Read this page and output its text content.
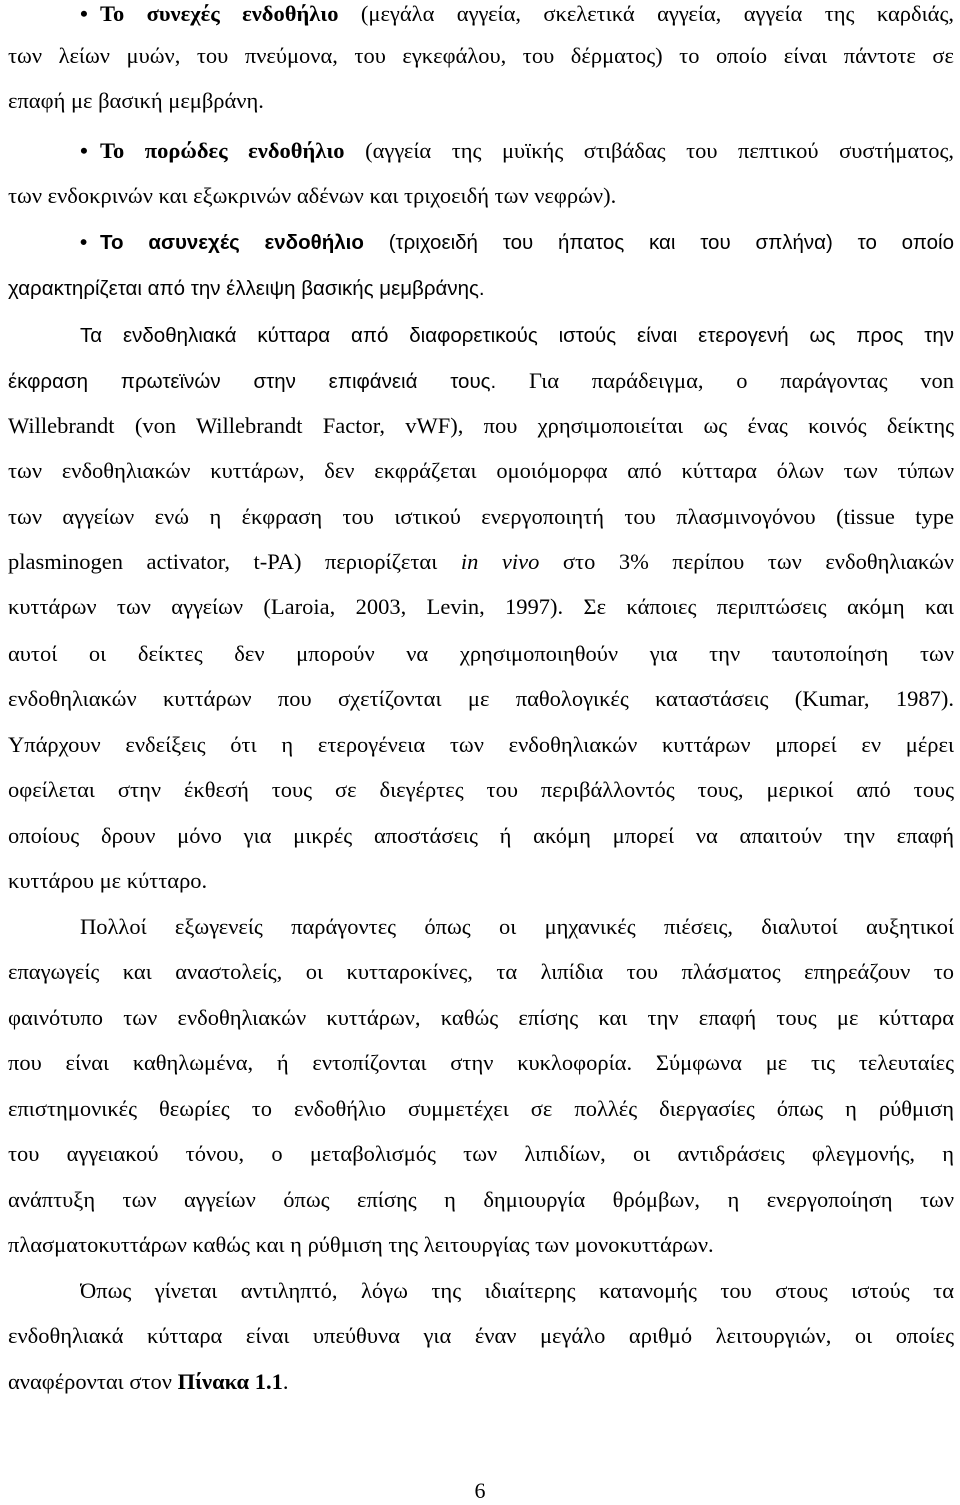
• Το συνεχές ενδοθήλιο (μεγάλα αγγεία, σκελετικά αγγεία, αγγεία της καρδιάς,
των λείων μυών, του πνεύμονα, του εγκεφάλου, του δέρματος) το οποίο είναι πάντοτε σε
επαφή με βασική μεμβράνη.
• Το πορώδες ενδοθήλιο (αγγεία της μυϊκής στιβάδας του πεπτικού συστήματος,
των ενδοκρινών και εξωκρινών αδένων και τριχοειδή των νεφρών).
• Το ασυνεχές ενδοθήλιο (τριχοειδή του ήπατος και του σπλήνα) το οποίο
χαρακτηρίζεται από την έλλειψη βασικής μεμβράνης.
Τα ενδοθηλιακά κύτταρα από διαφορετικούς ιστούς είναι ετερογενή ως προς την
έκφραση πρωτεϊνών στην επιφάνειά τους. Για παράδειγμα, ο παράγοντας von
Willebrandt (von Willebrandt Factor, vWF), που χρησιμοποιείται ως ένας κοινός δείκτης
των ενδοθηλιακών κυττάρων, δεν εκφράζεται ομοιόμορφα από κύτταρα όλων των τύπων
των αγγείων ενώ η έκφραση του ιστικού ενεργοποιητή του πλασμινογόνου (tissue type
plasminogen activator, t-PA) περιορίζεται in vivo στο 3% περίπου των ενδοθηλιακών
κυττάρων των αγγείων (Laroia, 2003, Levin, 1997). Σε κάποιες περιπτώσεις ακόμη και
αυτοί οι δείκτες δεν μπορούν να χρησιμοποιηθούν για την ταυτοποίηση των
ενδοθηλιακών κυττάρων που σχετίζονται με παθολογικές καταστάσεις (Kumar, 1987).
Υπάρχουν ενδείξεις ότι η ετερογένεια των ενδοθηλιακών κυττάρων μπορεί εν μέρει
οφείλεται στην έκθεσή τους σε διεγέρτες του περιβάλλοντός τους, μερικοί από τους
οποίους δρουν μόνο για μικρές αποστάσεις ή ακόμη μπορεί να απαιτούν την επαφή
κυττάρου με κύτταρο.
Πολλοί εξωγενείς παράγοντες όπως οι μηχανικές πιέσεις, διαλυτοί αυξητικοί
επαγωγείς και αναστολείς, οι κυτταροκίνες, τα λιπίδια του πλάσματος επηρεάζουν το
φαινότυπο των ενδοθηλιακών κυττάρων, καθώς επίσης και την επαφή τους με κύτταρα
που είναι καθηλωμένα, ή εντοπίζονται στην κυκλοφορία. Σύμφωνα με τις τελευταίες
επιστημονικές θεωρίες το ενδοθήλιο συμμετέχει σε πολλές διεργασίες όπως η ρύθμιση
του αγγειακού τόνου, ο μεταβολισμός των λιπιδίων, οι αντιδράσεις φλεγμονής, η
ανάπτυξη των αγγείων όπως επίσης η δημιουργία θρόμβων, η ενεργοποίηση των
πλασματοκυττάρων καθώς και η ρύθμιση της λειτουργίας των μονοκυττάρων.
Όπως γίνεται αντιληπτό, λόγω της ιδιαίτερης κατανομής του στους ιστούς τα
ενδοθηλιακά κύτταρα είναι υπεύθυνα για έναν μεγάλο αριθμό λειτουργιών, οι οποίες
αναφέρονται στον Πίνακα 1.1.
6
